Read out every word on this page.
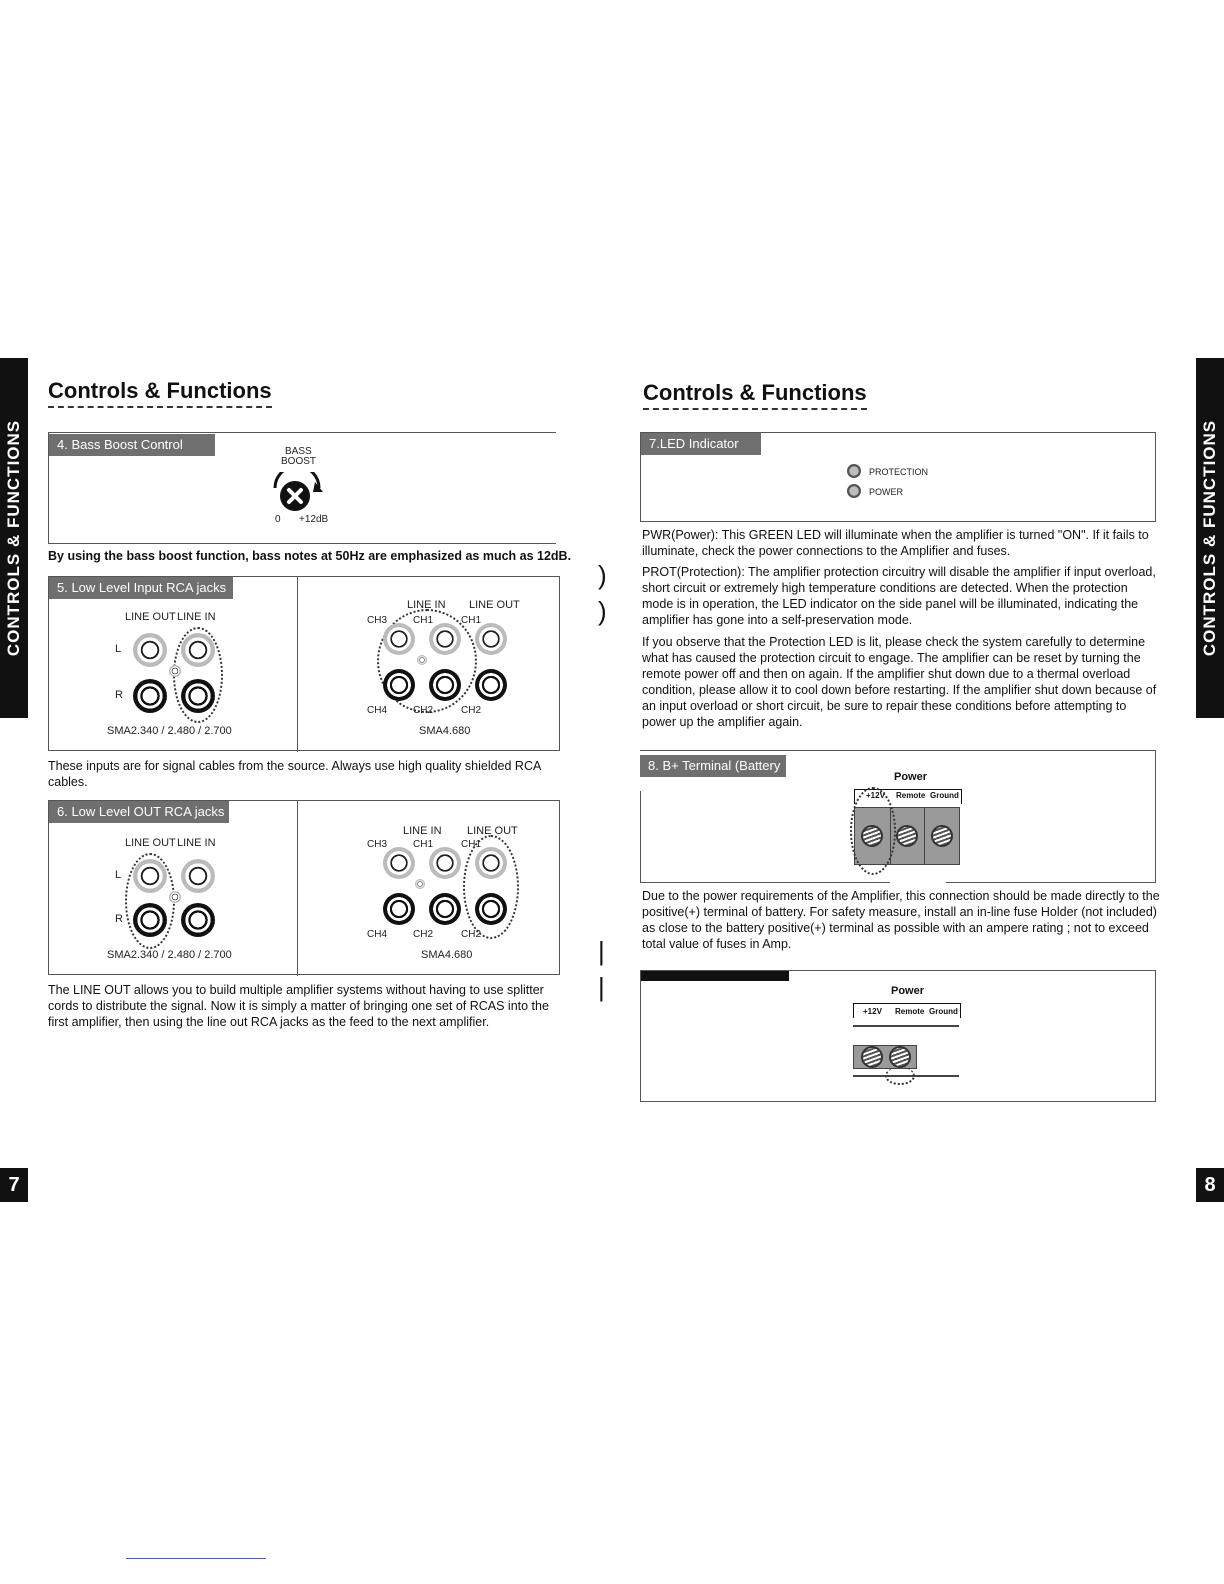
CONTROLS & FUNCTIONS	CONTROLS & FUNCTIONS
7	8
Controls & Functions
4. Bass Boost Control	BASS
BOOST
0 +12dB
By using the bass boost function, bass notes at 50Hz are emphasized as much as 12dB.
5. Low Level Input RCA jacks
LINE OUT LINE IN
L
R
SMA2.340 / 2.480 / 2.700
LINE IN LINE OUT
CH3	CH1	CH1
CH4	CH2	CH2
SMA4.680
These inputs are for signal cables from the source. Always use high quality shielded RCA cables.
6. Low Level OUT RCA jacks
LINE OUT LINE IN
L
R
SMA2.340 / 2.480 / 2.700
LINE IN LINE OUT
CH3	CH1	CH1
CH4	CH2	CH2
SMA4.680
The LINE OUT allows you to build multiple amplifier systems without having to use splitter cords to distribute the signal. Now it is simply a matter of bringing one set of RCAS into the first amplifier, then using the line out RCA jacks as the feed to the next amplifier.
)
)
|
|
Controls & Functions
7.LED Indicator
PROTECTION
POWER
PWR(Power): This GREEN LED will illuminate when the amplifier is turned "ON". If it fails to illuminate, check the power connections to the Amplifier and fuses.
PROT(Protection): The amplifier protection circuitry will disable the amplifier if input overload, short circuit or extremely high temperature conditions are detected. When the protection mode is in operation, the LED indicator on the side panel will be illuminated, indicating the amplifier has gone into a self-preservation mode.
If you observe that the Protection LED is lit, please check the system carefully to determine what has caused the protection circuit to engage. The amplifier can be reset by turning the remote power off and then on again. If the amplifier shut down due to a thermal overload condition, please allow it to cool down before restarting. If the amplifier shut down because of an input overload or short circuit, be sure to repair these conditions before attempting to power up the amplifier again.
8. B+ Terminal (Battery
Power
+12V Remote Ground
Due to the power requirements of the Amplifier, this connection should be made directly to the positive(+) terminal of battery. For safety measure, install an in-line fuse Holder (not included) as close to the battery positive(+) terminal as possible with an ampere rating ; not to exceed total value of fuses in Amp.
Power
+12V Remote Ground
